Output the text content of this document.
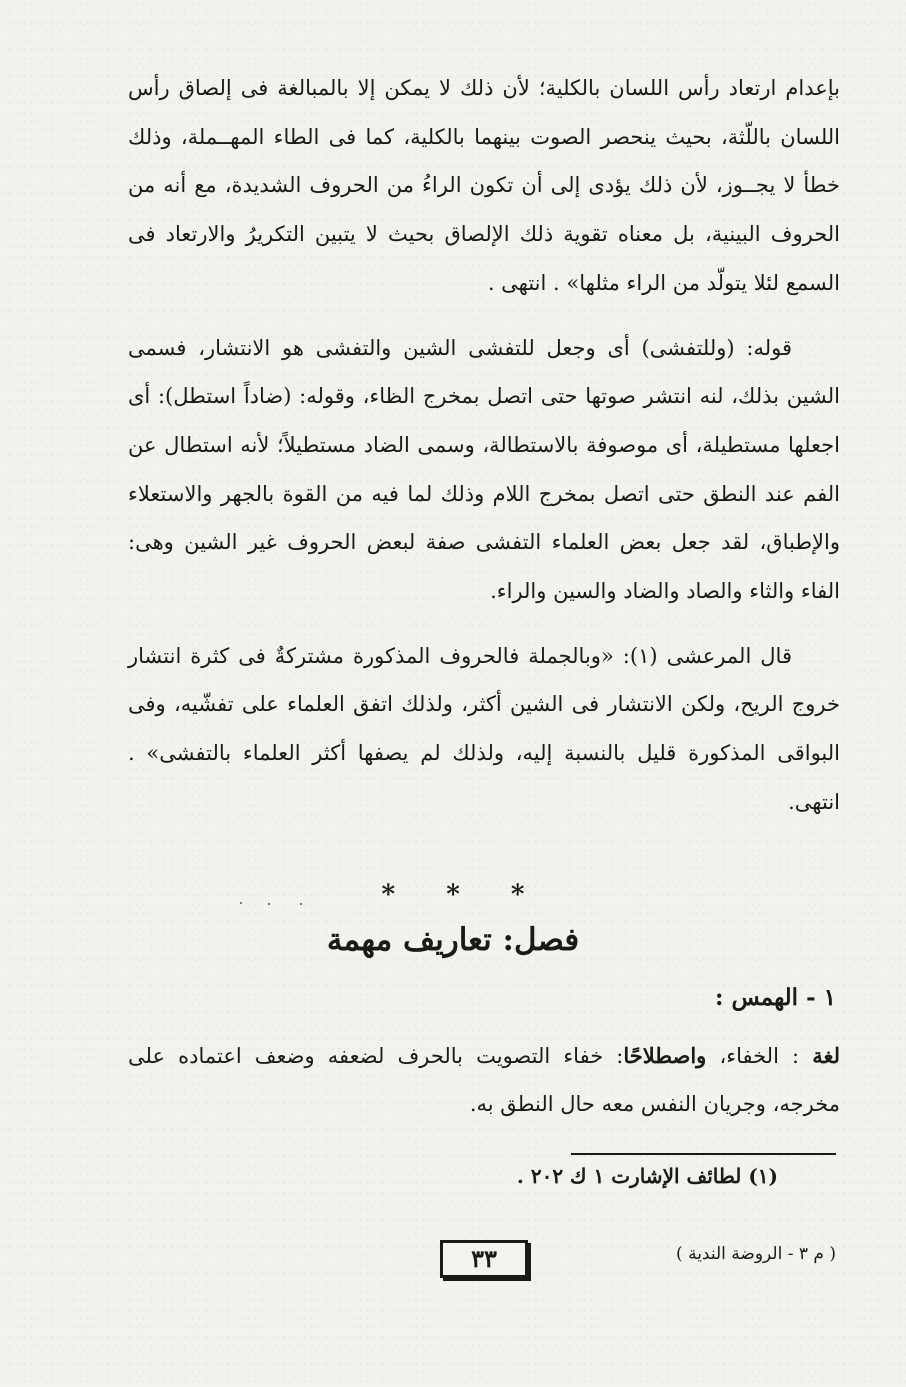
بإعدام ارتعاد رأس اللسان بالكلية؛ لأن ذلك لا يمكن إلا بالمبالغة فى إلصاق رأس اللسان باللّثة، بحيث ينحصر الصوت بينهما بالكلية، كما فى الطاء المهــملة، وذلك خطأ لا يجــوز، لأن ذلك يؤدى إلى أن تكون الراءُ من الحروف الشديدة، مع أنه من الحروف البينية، بل معناه تقوية ذلك الإلصاق بحيث لا يتبين التكريرُ والارتعاد فى السمع لئلا يتولّد من الراء مثلها» . انتهى .

قوله: (وللتفشى) أى وجعل للتفشى الشين والتفشى هو الانتشار، فسمى الشين بذلك، لنه انتشر صوتها حتى اتصل بمخرج الظاء، وقوله: (ضاداً استطل): أى اجعلها مستطيلة، أى موصوفة بالاستطالة، وسمى الضاد مستطيلاً؛ لأنه استطال عن الفم عند النطق حتى اتصل بمخرج اللام وذلك لما فيه من القوة بالجهر والاستعلاء والإطباق، لقد جعل بعض العلماء التفشى صفة لبعض الحروف غير الشين وهى: الفاء والثاء والصاد والضاد والسين والراء.

قال المرعشى (١): «وبالجملة فالحروف المذكورة مشتركةٌ فى كثرة انتشار خروج الريح، ولكن الانتشار فى الشين أكثر، ولذلك اتفق العلماء على تفشّيه، وفى البواقى المذكورة قليل بالنسبة إليه، ولذلك لم يصفها أكثر العلماء بالتفشى» . انتهى.

* * *
فصل: تعاريف مهمة
١ - الهمس :
لغة : الخفاء، واصطلاحًا: خفاء التصويت بالحرف لضعفه وضعف اعتماده على مخرجه، وجريان النفس معه حال النطق به.
(١) لطائف الإشارت ١ ك ٢٠٢ .
٣٣	( م ٣ - الروضة الندية )
